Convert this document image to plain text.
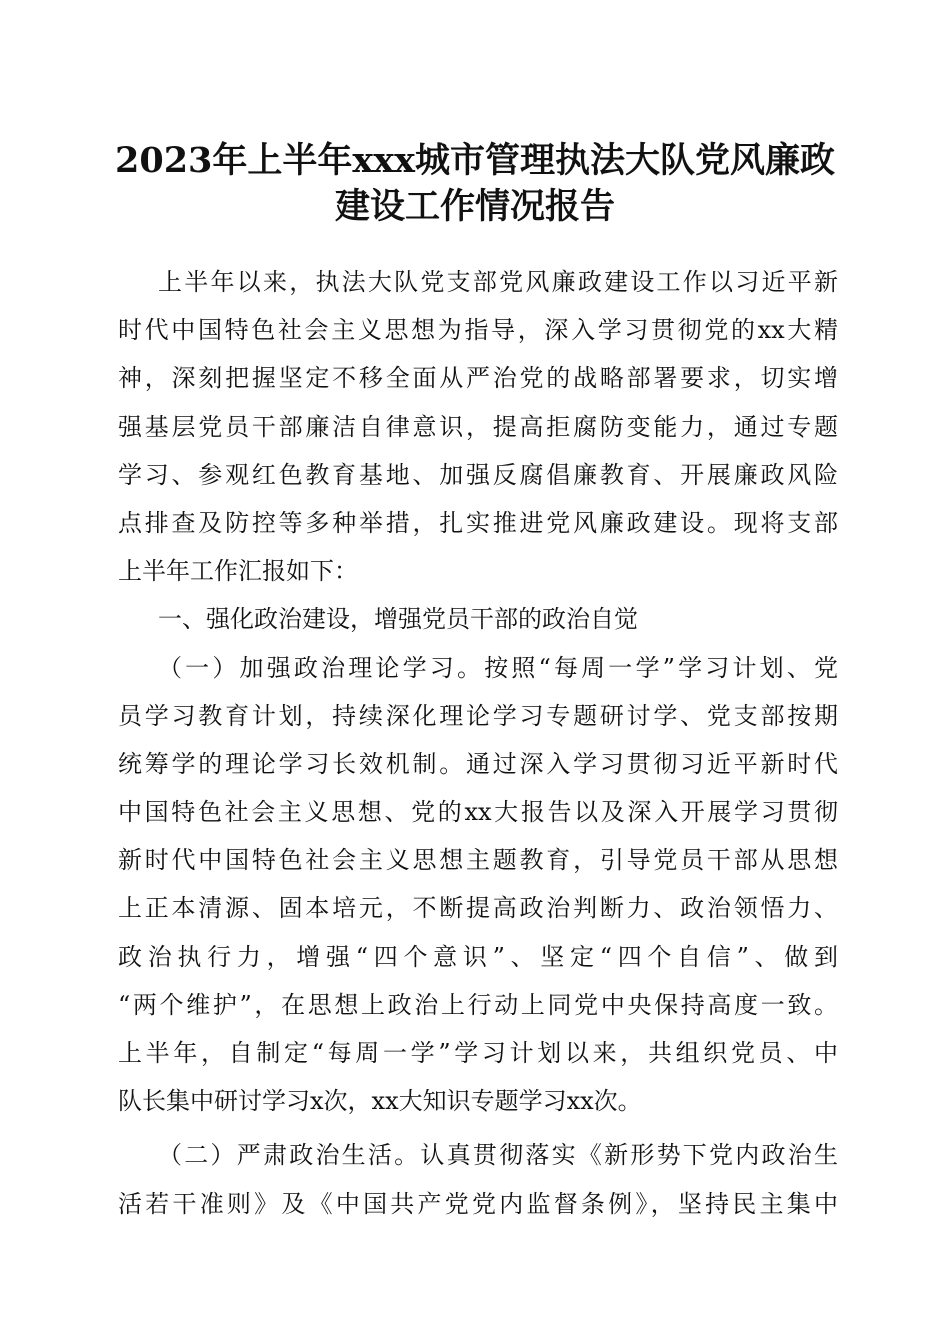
2023年上半年xxx城市管理执法大队党风廉政
建设工作情况报告
上半年以来，执法大队党支部党风廉政建设工作以习近平新
时代中国特色社会主义思想为指导，深入学习贯彻党的xx大精
神，深刻把握坚定不移全面从严治党的战略部署要求，切实增
强基层党员干部廉洁自律意识，提高拒腐防变能力，通过专题
学习、参观红色教育基地、加强反腐倡廉教育、开展廉政风险
点排查及防控等多种举措，扎实推进党风廉政建设。现将支部
上半年工作汇报如下：
一、强化政治建设，增强党员干部的政治自觉
（一）加强政治理论学习。按照“每周一学”学习计划、党
员学习教育计划，持续深化理论学习专题研讨学、党支部按期
统筹学的理论学习长效机制。通过深入学习贯彻习近平新时代
中国特色社会主义思想、党的xx大报告以及深入开展学习贯彻
新时代中国特色社会主义思想主题教育，引导党员干部从思想
上正本清源、固本培元，不断提高政治判断力、政治领悟力、
政治执行力，增强“四个意识”、坚定“四个自信”、做到
“两个维护”，在思想上政治上行动上同党中央保持高度一致。
上半年，自制定“每周一学”学习计划以来，共组织党员、中
队长集中研讨学习x次，xx大知识专题学习xx次。
（二）严肃政治生活。认真贯彻落实《新形势下党内政治生
活若干准则》及《中国共产党党内监督条例》，坚持民主集中
